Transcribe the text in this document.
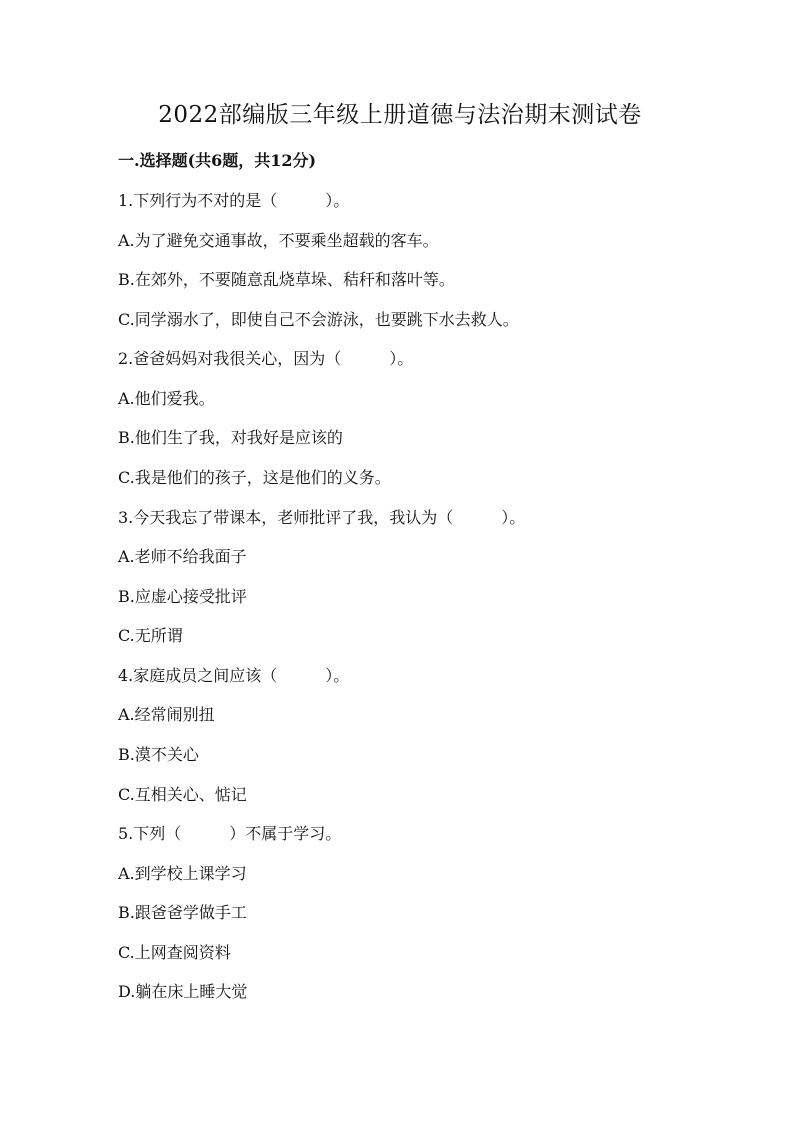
2022部编版三年级上册道德与法治期末测试卷
一.选择题(共6题，共12分)
1.下列行为不对的是（　　　）。
A.为了避免交通事故，不要乘坐超载的客车。
B.在郊外，不要随意乱烧草垛、秸秆和落叶等。
C.同学溺水了，即使自己不会游泳，也要跳下水去救人。
2.爸爸妈妈对我很关心，因为（　　　）。
A.他们爱我。
B.他们生了我，对我好是应该的
C.我是他们的孩子，这是他们的义务。
3.今天我忘了带课本，老师批评了我，我认为（　　　）。
A.老师不给我面子
B.应虚心接受批评
C.无所谓
4.家庭成员之间应该（　　　）。
A.经常闹别扭
B.漠不关心
C.互相关心、惦记
5.下列（　　　）不属于学习。
A.到学校上课学习
B.跟爸爸学做手工
C.上网查阅资料
D.躺在床上睡大觉
